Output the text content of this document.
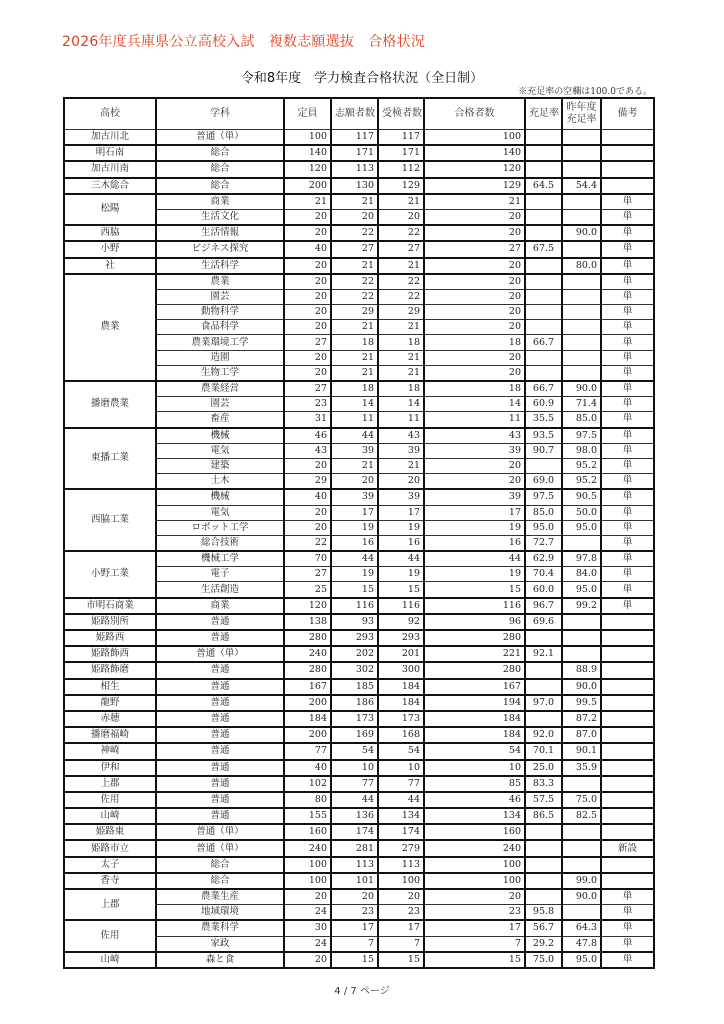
2026年度兵庫県公立高校入試　複数志願選抜　合格状況
令和8年度　学力検査合格状況（全日制）
※充足率の空欄は100.0である。
高校	学科	定員	志願者数	受検者数	合格者数	充足率	昨年度
充足率	備考
加古川北	普通（単）	100	117	117	100			
明石南	総合	140	171	171	140			
加古川南	総合	120	113	112	120			
三木総合	総合	200	130	129	129	64.5	54.4	
松陽	商業	21	21	21	21			単
	生活文化	20	20	20	20			単
西脇	生活情報	20	22	22	20		90.0	単
小野	ビジネス探究	40	27	27	27	67.5		単
社	生活科学	20	21	21	20		80.0	単
農業	農業	20	22	22	20			単
	園芸	20	22	22	20			単
	動物科学	20	29	29	20			単
	食品科学	20	21	21	20			単
	農業環境工学	27	18	18	18	66.7		単
	造園	20	21	21	20			単
	生物工学	20	21	21	20			単
播磨農業	農業経営	27	18	18	18	66.7	90.0	単
	園芸	23	14	14	14	60.9	71.4	単
	畜産	31	11	11	11	35.5	85.0	単
東播工業	機械	46	44	43	43	93.5	97.5	単
	電気	43	39	39	39	90.7	98.0	単
	建築	20	21	21	20		95.2	単
	土木	29	20	20	20	69.0	95.2	単
西脇工業	機械	40	39	39	39	97.5	90.5	単
	電気	20	17	17	17	85.0	50.0	単
	ロボット工学	20	19	19	19	95.0	95.0	単
	総合技術	22	16	16	16	72.7		単
小野工業	機械工学	70	44	44	44	62.9	97.8	単
	電子	27	19	19	19	70.4	84.0	単
	生活創造	25	15	15	15	60.0	95.0	単
市明石商業	商業	120	116	116	116	96.7	99.2	単
姫路別所	普通	138	93	92	96	69.6		
姫路西	普通	280	293	293	280			
姫路飾西	普通（単）	240	202	201	221	92.1		
姫路飾磨	普通	280	302	300	280		88.9	
相生	普通	167	185	184	167		90.0	
龍野	普通	200	186	184	194	97.0	99.5	
赤穂	普通	184	173	173	184		87.2	
播磨福崎	普通	200	169	168	184	92.0	87.0	
神崎	普通	77	54	54	54	70.1	90.1	
伊和	普通	40	10	10	10	25.0	35.9	
上郡	普通	102	77	77	85	83.3		
佐用	普通	80	44	44	46	57.5	75.0	
山崎	普通	155	136	134	134	86.5	82.5	
姫路東	普通（単）	160	174	174	160			
姫路市立	普通（単）	240	281	279	240			新設
太子	総合	100	113	113	100			
香寺	総合	100	101	100	100		99.0	
上郡	農業生産	20	20	20	20		90.0	単
	地域環境	24	23	23	23	95.8		単
佐用	農業科学	30	17	17	17	56.7	64.3	単
	家政	24	7	7	7	29.2	47.8	単
山崎	森と食	20	15	15	15	75.0	95.0	単
4 / 7 ページ
